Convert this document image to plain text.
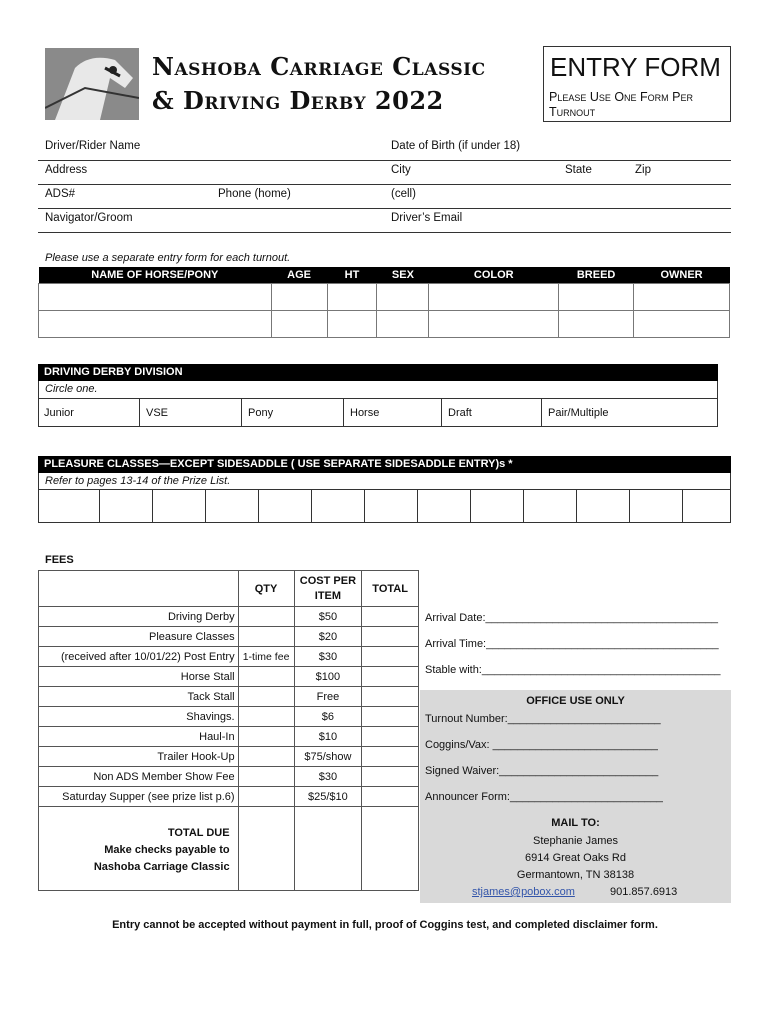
Nashoba Carriage Classic
& Driving Derby 2022
ENTRY FORM
Please Use One Form Per Turnout
Driver/Rider Name	Date of Birth (if under 18)
Address	City	State	Zip
ADS#	Phone (home)	(cell)
Navigator/Groom	Driver’s Email
Please use a separate entry form for each turnout.
NAME OF HORSE/PONY	AGE	HT	SEX	COLOR	BREED	OWNER

DRIVING DERBY DIVISION
Circle one.
Junior	VSE	Pony	Horse	Draft	Pair/Multiple
PLEASURE CLASSES—EXCEPT SIDESADDLE ( USE SEPARATE SIDESADDLE ENTRY)s *
Refer to pages 13-14 of the Prize List.
FEES
	QTY	COST PER ITEM	TOTAL
Driving Derby		$50	
Pleasure Classes		$20	
(received after 10/01/22) Post Entry	1-time fee	$30	
Horse Stall		$100	
Tack Stall		Free	
Shavings.		$6	
Haul-In		$10	
Trailer Hook-Up		$75/show	
Non ADS Member Show Fee		$30	
Saturday Supper (see prize list p.6)		$25/$10	

TOTAL DUE
Make checks payable to
Nashoba Carriage Classic			

Arrival Date:______________________________________
Arrival Time:______________________________________
Stable with:_______________________________________
OFFICE USE ONLY
Turnout Number:_________________________
Coggins/Vax: ___________________________
Signed Waiver:__________________________
Announcer Form:_________________________
MAIL TO:
Stephanie James
6914 Great Oaks Rd
Germantown, TN 38138
stjames@pobox.com	901.857.6913
Entry cannot be accepted without payment in full, proof of Coggins test, and completed disclaimer form.
